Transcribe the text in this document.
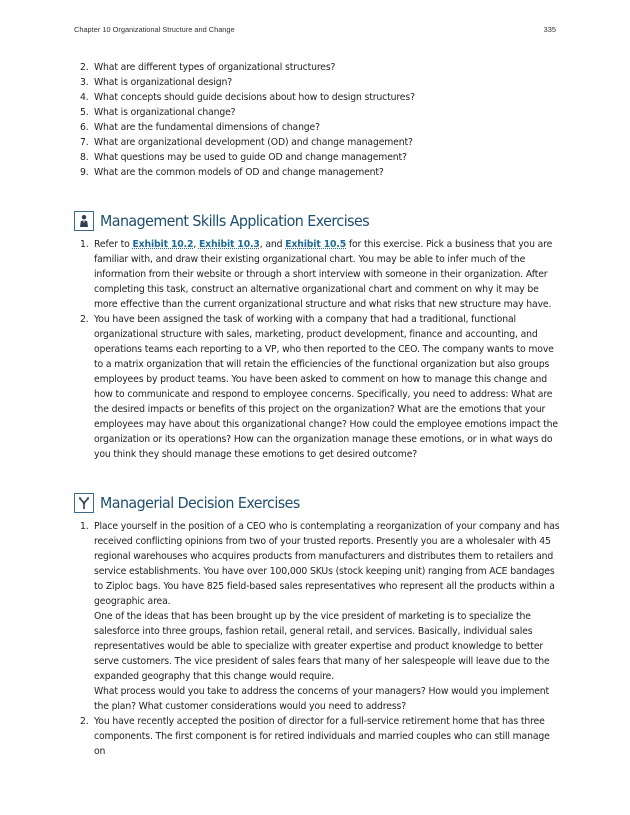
Chapter 10 Organizational Structure and Change	335
2. What are different types of organizational structures?
3. What is organizational design?
4. What concepts should guide decisions about how to design structures?
5. What is organizational change?
6. What are the fundamental dimensions of change?
7. What are organizational development (OD) and change management?
8. What questions may be used to guide OD and change management?
9. What are the common models of OD and change management?
Management Skills Application Exercises
1. Refer to Exhibit 10.2, Exhibit 10.3, and Exhibit 10.5 for this exercise. Pick a business that you are familiar with, and draw their existing organizational chart. You may be able to infer much of the information from their website or through a short interview with someone in their organization. After completing this task, construct an alternative organizational chart and comment on why it may be more effective than the current organizational structure and what risks that new structure may have.
2. You have been assigned the task of working with a company that had a traditional, functional organizational structure with sales, marketing, product development, finance and accounting, and operations teams each reporting to a VP, who then reported to the CEO. The company wants to move to a matrix organization that will retain the efficiencies of the functional organization but also groups employees by product teams. You have been asked to comment on how to manage this change and how to communicate and respond to employee concerns. Specifically, you need to address: What are the desired impacts or benefits of this project on the organization? What are the emotions that your employees may have about this organizational change? How could the employee emotions impact the organization or its operations? How can the organization manage these emotions, or in what ways do you think they should manage these emotions to get desired outcome?
Managerial Decision Exercises
1. Place yourself in the position of a CEO who is contemplating a reorganization of your company and has received conflicting opinions from two of your trusted reports. Presently you are a wholesaler with 45 regional warehouses who acquires products from manufacturers and distributes them to retailers and service establishments. You have over 100,000 SKUs (stock keeping unit) ranging from ACE bandages to Ziploc bags. You have 825 field-based sales representatives who represent all the products within a geographic area.
One of the ideas that has been brought up by the vice president of marketing is to specialize the salesforce into three groups, fashion retail, general retail, and services. Basically, individual sales representatives would be able to specialize with greater expertise and product knowledge to better serve customers. The vice president of sales fears that many of her salespeople will leave due to the expanded geography that this change would require.
What process would you take to address the concerns of your managers? How would you implement the plan? What customer considerations would you need to address?
2. You have recently accepted the position of director for a full-service retirement home that has three components. The first component is for retired individuals and married couples who can still manage on
